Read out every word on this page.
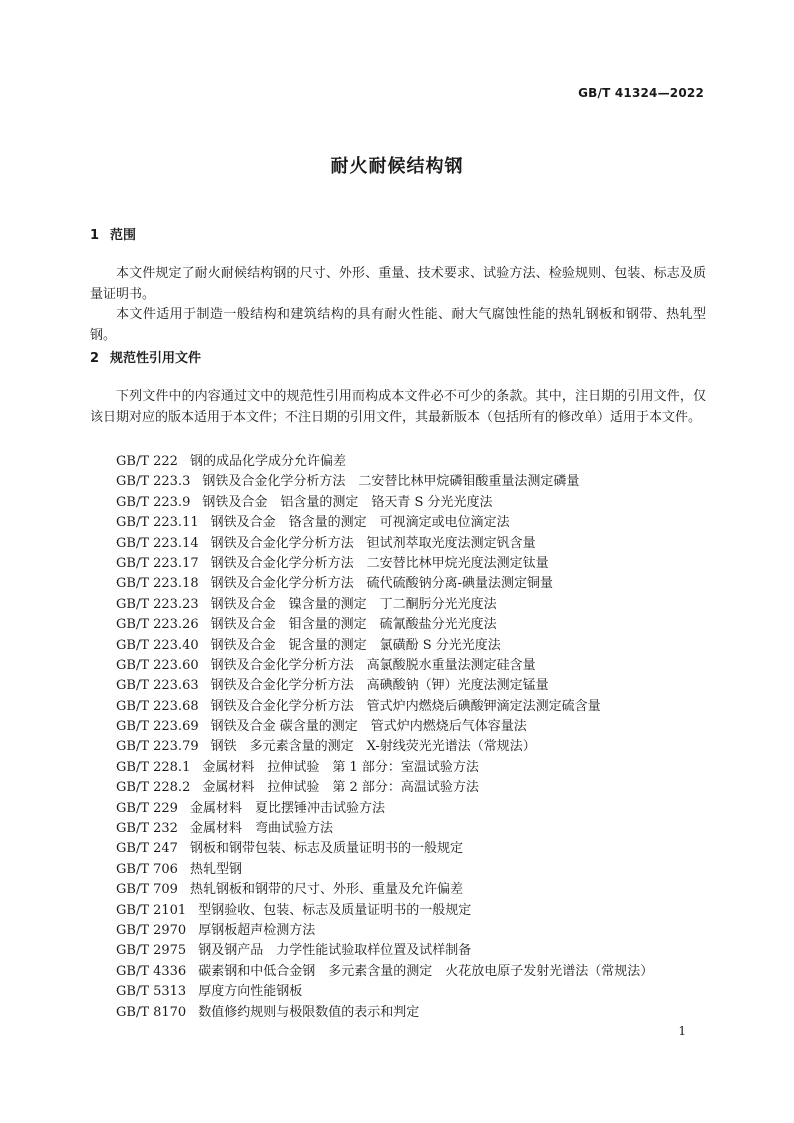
GB/T 41324—2022
耐火耐候结构钢
1 范围

本文件规定了耐火耐候结构钢的尺寸、外形、重量、技术要求、试验方法、检验规则、包装、标志及质量证明书。

本文件适用于制造一般结构和建筑结构的具有耐火性能、耐大气腐蚀性能的热轧钢板和钢带、热轧型钢。

2 规范性引用文件

下列文件中的内容通过文中的规范性引用而构成本文件必不可少的条款。其中，注日期的引用文件，仅该日期对应的版本适用于本文件；不注日期的引用文件，其最新版本（包括所有的修改单）适用于本文件。

GB/T 222 钢的成品化学成分允许偏差
GB/T 223.3 钢铁及合金化学分析方法　二安替比林甲烷磷钼酸重量法测定磷量
GB/T 223.9 钢铁及合金　铝含量的测定　铬天青 S 分光光度法
GB/T 223.11 钢铁及合金　铬含量的测定　可视滴定或电位滴定法
GB/T 223.14 钢铁及合金化学分析方法　钽试剂萃取光度法测定钒含量
GB/T 223.17 钢铁及合金化学分析方法　二安替比林甲烷光度法测定钛量
GB/T 223.18 钢铁及合金化学分析方法　硫代硫酸钠分离-碘量法测定铜量
GB/T 223.23 钢铁及合金　镍含量的测定　丁二酮肟分光光度法
GB/T 223.26 钢铁及合金　钼含量的测定　硫氰酸盐分光光度法
GB/T 223.40 钢铁及合金　铌含量的测定　氯磺酚 S 分光光度法
GB/T 223.60 钢铁及合金化学分析方法　高氯酸脱水重量法测定硅含量
GB/T 223.63 钢铁及合金化学分析方法　高碘酸钠（钾）光度法测定锰量
GB/T 223.68 钢铁及合金化学分析方法　管式炉内燃烧后碘酸钾滴定法测定硫含量
GB/T 223.69 钢铁及合金 碳含量的测定　管式炉内燃烧后气体容量法
GB/T 223.79 钢铁　多元素含量的测定　X-射线荧光光谱法（常规法）
GB/T 228.1 金属材料　拉伸试验　第 1 部分：室温试验方法
GB/T 228.2 金属材料　拉伸试验　第 2 部分：高温试验方法
GB/T 229 金属材料　夏比摆锤冲击试验方法
GB/T 232 金属材料　弯曲试验方法
GB/T 247 钢板和钢带包装、标志及质量证明书的一般规定
GB/T 706 热轧型钢
GB/T 709 热轧钢板和钢带的尺寸、外形、重量及允许偏差
GB/T 2101 型钢验收、包装、标志及质量证明书的一般规定
GB/T 2970 厚钢板超声检测方法
GB/T 2975 钢及钢产品　力学性能试验取样位置及试样制备
GB/T 4336 碳素钢和中低合金钢　多元素含量的测定　火花放电原子发射光谱法（常规法）
GB/T 5313 厚度方向性能钢板
GB/T 8170 数值修约规则与极限数值的表示和判定
1
